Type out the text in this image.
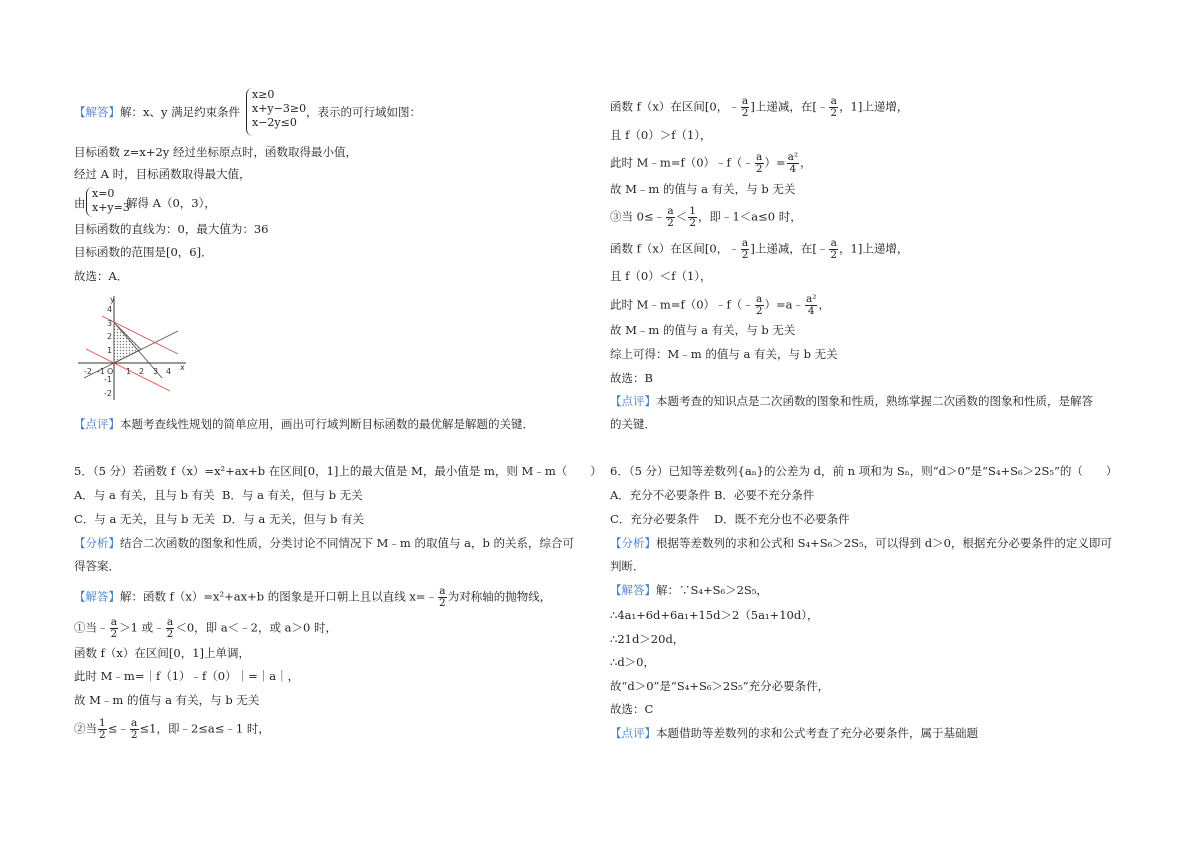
【解答】解：x、y 满足约束条件
x≥0
x+y−3≥0
x−2y≤0
，表示的可行域如图：
目标函数 z=x+2y 经过坐标原点时，函数取得最小值，
经过 A 时，目标函数取得最大值，
由
x=0
x+y=3
解得 A（0，3），
目标函数的直线为：0，最大值为：36
目标函数的范围是[0，6]．
故选：A．
-2 -1 O 1 2 3 4 x
y
4
3
2
1
-1
-2
【点评】本题考查线性规划的简单应用，画出可行域判断目标函数的最优解是解题的关键．
5．（5 分）若函数 f（x）=x²+ax+b 在区间[0，1]上的最大值是 M，最小值是 m，则 M﹣m（　　）
A．与 a 有关，且与 b 有关 B．与 a 有关，但与 b 无关
C．与 a 无关，且与 b 无关 D．与 a 无关，但与 b 有关
【分析】结合二次函数的图象和性质，分类讨论不同情况下 M﹣m 的取值与 a，b 的关系，综合可
得答案．
【解答】解：函数 f（x）=x²+ax+b 的图象是开口朝上且以直线 x=﹣ $\frac{a}{2}$ 为对称轴的抛物线，
①当﹣ $\frac{a}{2} >1$ 或﹣ $\frac{a}{2} <0$，即 a＜﹣2，或 a＞0 时，
函数 f（x）在区间[0，1]上单调，
此时 M﹣m=｜f（1）﹣f（0）｜=｜a｜，
故 M﹣m 的值与 a 有关，与 b 无关
②当 $\frac{1}{2}$ ≤﹣ $\frac{a}{2} \le 1$，即﹣2≤a≤﹣1 时，
函数 f（x）在区间[0，﹣ $\frac{a}{2}$ ]上递减，在[﹣ $\frac{a}{2}$ ，1]上递增，
且 f（0）＞f（1），
此时 M﹣m=f（0）﹣f（﹣ $\frac{a}{2}$ ）= $\frac{\text{a²}}{4}$ ，
故 M﹣m 的值与 a 有关，与 b 无关
③当 0≤﹣ $\frac{a}{2} < \frac{1}{2}$ ，即﹣1＜a≤0 时，
函数 f（x）在区间[0，﹣ $\frac{a}{2}$ ]上递减，在[﹣ $\frac{a}{2}$ ，1]上递增，
且 f（0）＜f（1），
此时 M﹣m=f（0）﹣f（﹣ $\frac{a}{2}$ ）=a﹣ $\frac{\text{a²}}{4}$ ，
故 M﹣m 的值与 a 有关，与 b 无关
综上可得：M﹣m 的值与 a 有关，与 b 无关
故选：B
【点评】本题考查的知识点是二次函数的图象和性质，熟练掌握二次函数的图象和性质，是解答
的关键．
6．（5 分）已知等差数列{aₙ}的公差为 d，前 n 项和为 Sₙ，则“d＞0”是“S₄+S₆＞2S₅”的（　　）
A．充分不必要条件 B．必要不充分条件
C．充分必要条件 D．既不充分也不必要条件
【分析】根据等差数列的求和公式和 S₄+S₆＞2S₅，可以得到 d＞0，根据充分必要条件的定义即可
判断．
【解答】解：∵S₄+S₆＞2S₅，
∴4a₁+6d+6a₁+15d＞2（5a₁+10d），
∴21d＞20d，
∴d＞0，
故“d＞0”是“S₄+S₆＞2S₅”充分必要条件，
故选：C
【点评】本题借助等差数列的求和公式考查了充分必要条件，属于基础题
